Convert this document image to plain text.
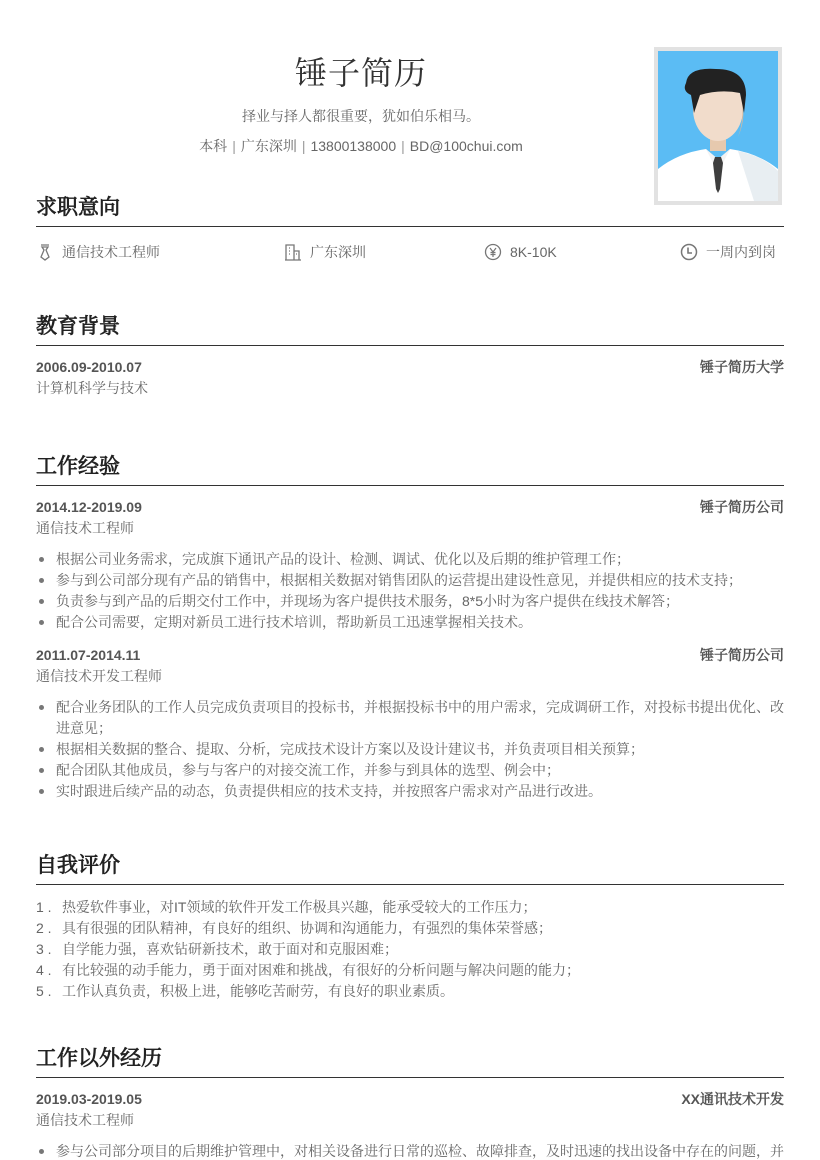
锤子简历
择业与择人都很重要，犹如伯乐相马。
本科 | 广东深圳 | 13800138000 | BD@100chui.com
求职意向
通信技术工程师	广东深圳	8K-10K	一周内到岗
教育背景
2006.09-2010.07	锤子简历大学
计算机科学与技术
工作经验
2014.12-2019.09	锤子简历公司
通信技术工程师
根据公司业务需求，完成旗下通讯产品的设计、检测、调试、优化以及后期的维护管理工作；
参与到公司部分现有产品的销售中，根据相关数据对销售团队的运营提出建设性意见，并提供相应的技术支持；
负责参与到产品的后期交付工作中，并现场为客户提供技术服务，8*5小时为客户提供在线技术解答；
配合公司需要，定期对新员工进行技术培训，帮助新员工迅速掌握相关技术。
2011.07-2014.11	锤子简历公司
通信技术开发工程师
配合业务团队的工作人员完成负责项目的投标书，并根据投标书中的用户需求，完成调研工作，对投标书提出优化、改进意见；
根据相关数据的整合、提取、分析，完成技术设计方案以及设计建议书，并负责项目相关预算；
配合团队其他成员，参与与客户的对接交流工作，并参与到具体的选型、例会中；
实时跟进后续产品的动态，负责提供相应的技术支持，并按照客户需求对产品进行改进。
自我评价
1 . 热爱软件事业，对IT领域的软件开发工作极具兴趣，能承受较大的工作压力；
2 . 具有很强的团队精神，有良好的组织、协调和沟通能力，有强烈的集体荣誉感；
3 . 自学能力强，喜欢钻研新技术，敢于面对和克服困难；
4 . 有比较强的动手能力，勇于面对困难和挑战，有很好的分析问题与解决问题的能力；
5 . 工作认真负责，积极上进，能够吃苦耐劳，有良好的职业素质。
工作以外经历
2019.03-2019.05	XX通讯技术开发
通信技术工程师
参与公司部分项目的后期维护管理中，对相关设备进行日常的巡检、故障排查，及时迅速的找出设备中存在的问题，并
